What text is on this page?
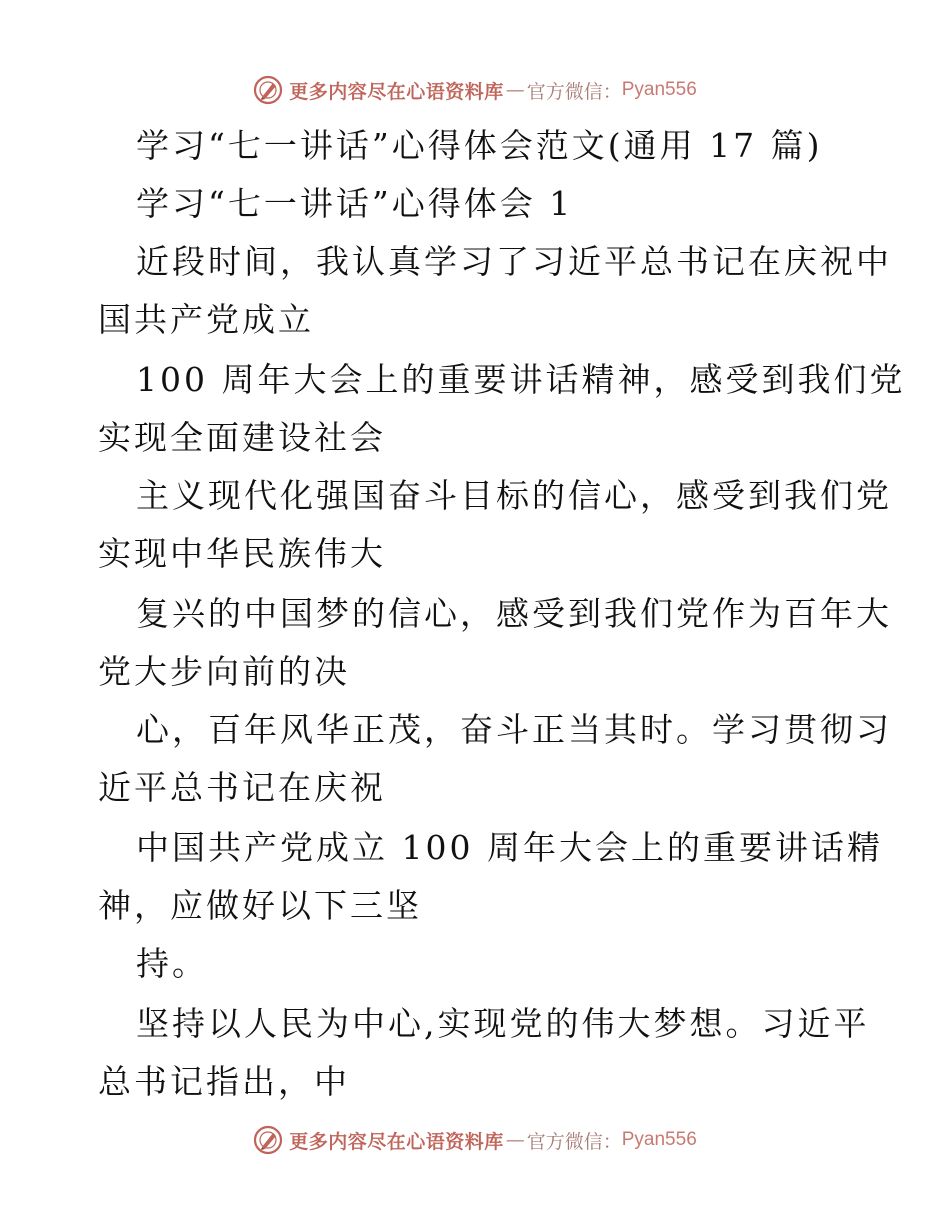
更多内容尽在心语资料库 — 官方微信： Pyan556
学习“七一讲话”心得体会范文(通用 17 篇)
学习“七一讲话”心得体会 1
近段时间，我认真学习了习近平总书记在庆祝中
国共产党成立
100 周年大会上的重要讲话精神，感受到我们党
实现全面建设社会
主义现代化强国奋斗目标的信心，感受到我们党
实现中华民族伟大
复兴的中国梦的信心，感受到我们党作为百年大
党大步向前的决
心，百年风华正茂，奋斗正当其时。学习贯彻习
近平总书记在庆祝
中国共产党成立 100 周年大会上的重要讲话精
神，应做好以下三坚
持。
坚持以人民为中心,实现党的伟大梦想。习近平
总书记指出，中
更多内容尽在心语资料库 — 官方微信： Pyan556
